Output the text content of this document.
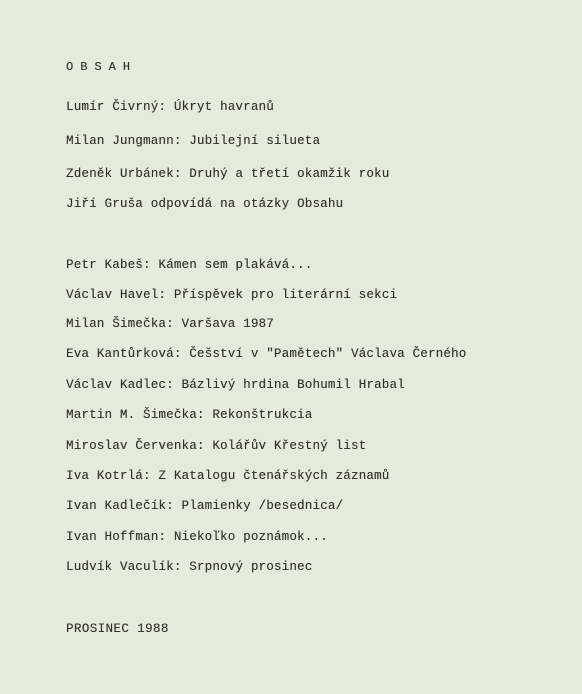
OBSAH
Lumír Čivrný: Úkryt havranů
Milan Jungmann: Jubilejní silueta
Zdeněk Urbánek: Druhý a třetí okamžik roku
Jiří Gruša odpovídá na otázky Obsahu
Petr Kabeš: Kámen sem plakává...
Václav Havel: Příspěvek pro literární sekci
Milan Šimečka: Varšava 1987
Eva Kantůrková: Češství v "Pamětech" Václava Černého
Václav Kadlec: Bázlivý hrdina Bohumil Hrabal
Martin M. Šimečka: Rekonštrukcia
Miroslav Červenka: Kolářův Křestný list
Iva Kotrlá: Z Katalogu čtenářských záznamů
Ivan Kadlečík: Plamienky /besednica/
Ivan Hoffman: Niekoľko poznámok...
Ludvík Vaculík: Srpnový prosinec
PROSINEC 1988
